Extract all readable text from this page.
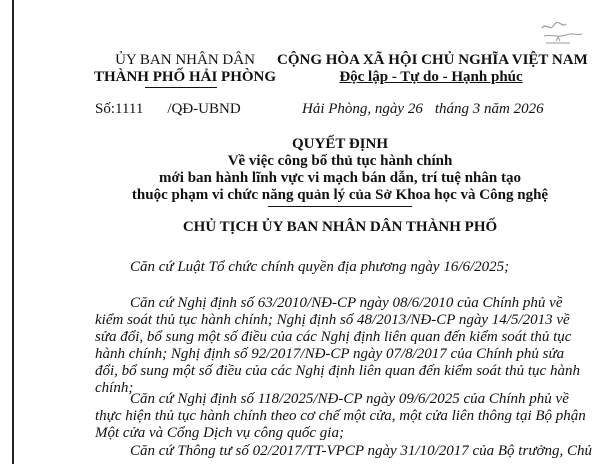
ỦY BAN NHÂN DÂN
THÀNH PHỐ HẢI PHÒNG
Số:1111 /QĐ-UBND
CỘNG HÒA XÃ HỘI CHỦ NGHĨA VIỆT NAM
Độc lập - Tự do - Hạnh phúc
Hải Phòng, ngày 26 tháng 3 năm 2026
QUYẾT ĐỊNH
Về việc công bố thủ tục hành chính
mới ban hành lĩnh vực vi mạch bán dẫn, trí tuệ nhân tạo
thuộc phạm vi chức năng quản lý của Sở Khoa học và Công nghệ
CHỦ TỊCH ỦY BAN NHÂN DÂN THÀNH PHỐ
Căn cứ Luật Tổ chức chính quyền địa phương ngày 16/6/2025;
Căn cứ Nghị định số 63/2010/NĐ-CP ngày 08/6/2010 của Chính phủ về
kiểm soát thủ tục hành chính; Nghị định số 48/2013/NĐ-CP ngày 14/5/2013 về
sửa đổi, bổ sung một số điều của các Nghị định liên quan đến kiểm soát thủ tục
hành chính; Nghị định số 92/2017/NĐ-CP ngày 07/8/2017 của Chính phủ sửa
đổi, bổ sung một số điều của các Nghị định liên quan đến kiểm soát thủ tục hành
chính;
Căn cứ Nghị định số 118/2025/NĐ-CP ngày 09/6/2025 của Chính phủ về
thực hiện thủ tục hành chính theo cơ chế một cửa, một cửa liên thông tại Bộ phận
Một cửa và Cổng Dịch vụ công quốc gia;
Căn cứ Thông tư số 02/2017/TT-VPCP ngày 31/10/2017 của Bộ trưởng, Chủ
